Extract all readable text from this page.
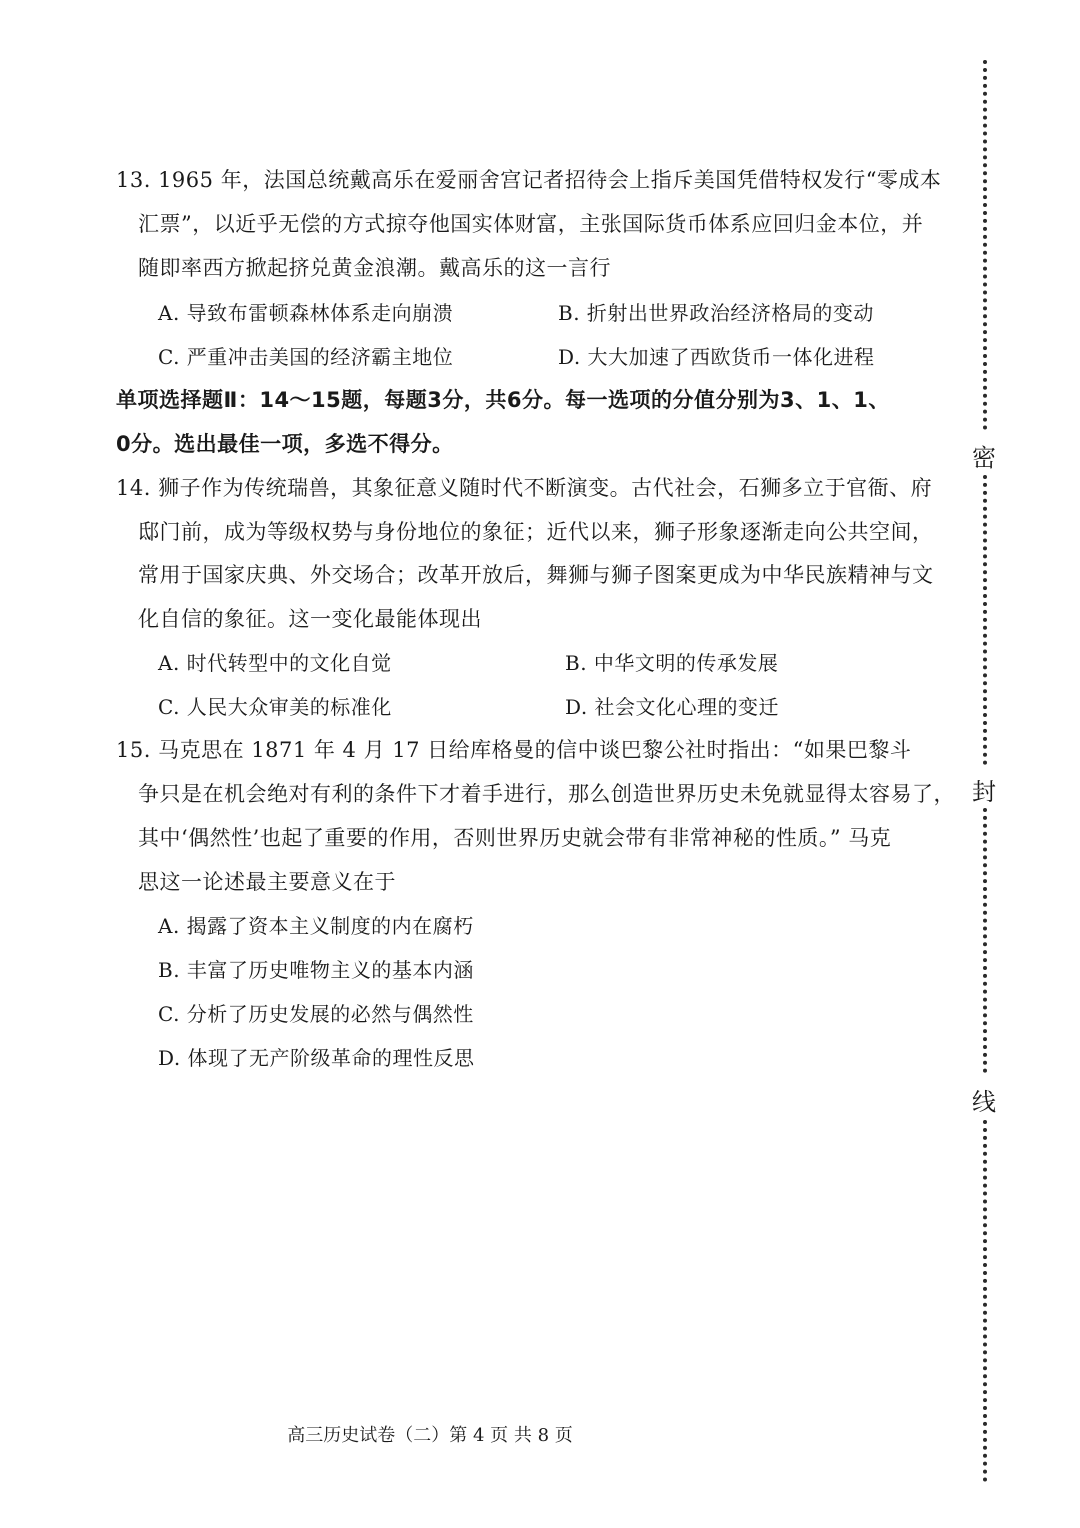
13. 1965 年，法国总统戴高乐在爱丽舍宫记者招待会上指斥美国凭借特权发行“零成本
汇票”，以近乎无偿的方式掠夺他国实体财富，主张国际货币体系应回归金本位，并
随即率西方掀起挤兑黄金浪潮。戴高乐的这一言行
A. 导致布雷顿森林体系走向崩溃	B. 折射出世界政治经济格局的变动
C. 严重冲击美国的经济霸主地位	D. 大大加速了西欧货币一体化进程
单项选择题Ⅱ：14～15题，每题3分，共6分。每一选项的分值分别为3、1、1、
0分。选出最佳一项，多选不得分。
14. 狮子作为传统瑞兽，其象征意义随时代不断演变。古代社会，石狮多立于官衙、府
邸门前，成为等级权势与身份地位的象征；近代以来，狮子形象逐渐走向公共空间，
常用于国家庆典、外交场合；改革开放后，舞狮与狮子图案更成为中华民族精神与文
化自信的象征。这一变化最能体现出
A. 时代转型中的文化自觉	B. 中华文明的传承发展
C. 人民大众审美的标准化	D. 社会文化心理的变迁
15. 马克思在 1871 年 4 月 17 日给库格曼的信中谈巴黎公社时指出：“如果巴黎斗
争只是在机会绝对有利的条件下才着手进行，那么创造世界历史未免就显得太容易了，
其中‘偶然性’也起了重要的作用，否则世界历史就会带有非常神秘的性质。” 马克
思这一论述最主要意义在于
A. 揭露了资本主义制度的内在腐朽
B. 丰富了历史唯物主义的基本内涵
C. 分析了历史发展的必然与偶然性
D. 体现了无产阶级革命的理性反思
高三历史试卷（二）第 4 页 共 8 页
密
封
线
